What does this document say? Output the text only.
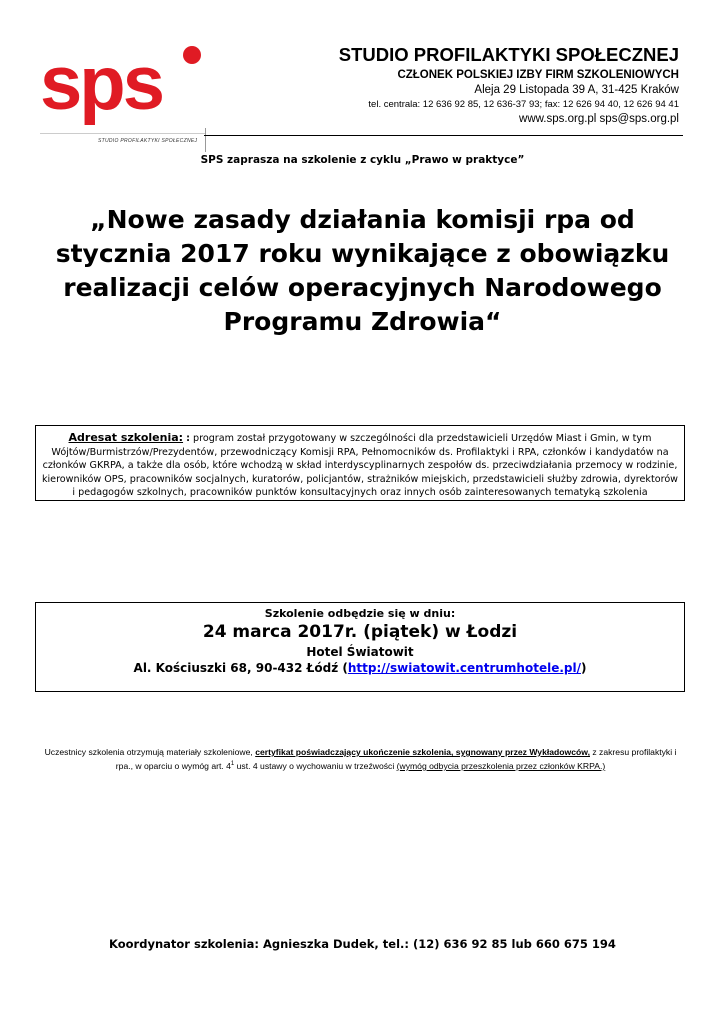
sps
STUDIO PROFILAKTYKI SPOŁECZNEJ
STUDIO PROFILAKTYKI SPOŁECZNEJ
CZŁONEK POLSKIEJ IZBY FIRM SZKOLENIOWYCH
Aleja 29 Listopada 39 A, 31-425 Kraków
tel. centrala: 12 636 92 85, 12 636-37 93; fax: 12 626 94 40, 12 626 94 41
www.sps.org.pl sps@sps.org.pl
SPS zaprasza na szkolenie z cyklu „Prawo w praktyce”
„Nowe zasady działania komisji rpa od
stycznia 2017 roku wynikające z obowiązku
realizacji celów operacyjnych Narodowego
Programu Zdrowia“
Adresat szkolenia: : program został przygotowany w szczególności dla przedstawicieli Urzędów Miast i Gmin, w tym Wójtów/Burmistrzów/Prezydentów, przewodniczący Komisji RPA, Pełnomocników ds. Profilaktyki i RPA, członków i kandydatów na członków GKRPA, a także dla osób, które wchodzą w skład interdyscyplinarnych zespołów ds. przeciwdziałania przemocy w rodzinie, kierowników OPS, pracowników socjalnych, kuratorów, policjantów, strażników miejskich, przedstawicieli służby zdrowia, dyrektorów i pedagogów szkolnych, pracowników punktów konsultacyjnych oraz innych osób zainteresowanych tematyką szkolenia
Szkolenie odbędzie się w dniu:
24 marca 2017r. (piątek) w Łodzi
Hotel Światowit
Al. Kościuszki 68, 90-432 Łódź (http://swiatowit.centrumhotele.pl/)
Uczestnicy szkolenia otrzymują materiały szkoleniowe, certyfikat poświadczający ukończenie szkolenia, sygnowany przez Wykładowców, z zakresu profilaktyki i rpa., w oparciu o wymóg art. $4^1$ ust. 4 ustawy o wychowaniu w trzeźwości (wymóg odbycia przeszkolenia przez członków KRPA.)
Koordynator szkolenia: Agnieszka Dudek, tel.: (12) 636 92 85 lub 660 675 194
